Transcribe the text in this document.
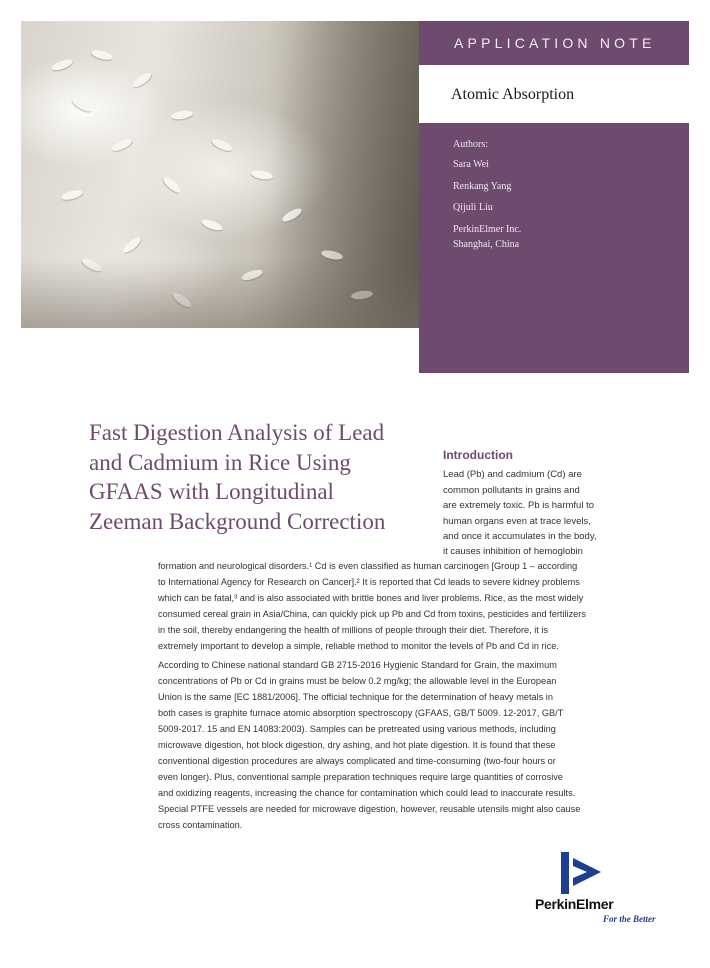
APPLICATION NOTE
Atomic Absorption
Authors:
Sara Wei
Renkang Yang
Qijuli Liu
PerkinElmer Inc.
Shanghai, China
Fast Digestion Analysis of Lead
and Cadmium in Rice Using
GFAAS with Longitudinal
Zeeman Background Correction
Introduction
Lead (Pb) and cadmium (Cd) are
common pollutants in grains and
are extremely toxic. Pb is harmful to
human organs even at trace levels,
and once it accumulates in the body,
it causes inhibition of hemoglobin
formation and neurological disorders.¹ Cd is even classified as human carcinogen [Group 1 – according
to International Agency for Research on Cancer].² It is reported that Cd leads to severe kidney problems
which can be fatal,³ and is also associated with brittle bones and liver problems. Rice, as the most widely
consumed cereal grain in Asia/China, can quickly pick up Pb and Cd from toxins, pesticides and fertilizers
in the soil, thereby endangering the health of millions of people through their diet. Therefore, it is
extremely important to develop a simple, reliable method to monitor the levels of Pb and Cd in rice.
According to Chinese national standard GB 2715-2016 Hygienic Standard for Grain, the maximum
concentrations of Pb or Cd in grains must be below 0.2 mg/kg; the allowable level in the European
Union is the same [EC 1881/2006]. The official technique for the determination of heavy metals in
both cases is graphite furnace atomic absorption spectroscopy (GFAAS, GB/T 5009. 12-2017, GB/T
5009-2017. 15 and EN 14083:2003). Samples can be pretreated using various methods, including
microwave digestion, hot block digestion, dry ashing, and hot plate digestion. It is found that these
conventional digestion procedures are always complicated and time-consuming (two-four hours or
even longer). Plus, conventional sample preparation techniques require large quantities of corrosive
and oxidizing reagents, increasing the chance for contamination which could lead to inaccurate results.
Special PTFE vessels are needed for microwave digestion, however, reusable utensils might also cause
cross contamination.
PerkinElmer
For the Better
